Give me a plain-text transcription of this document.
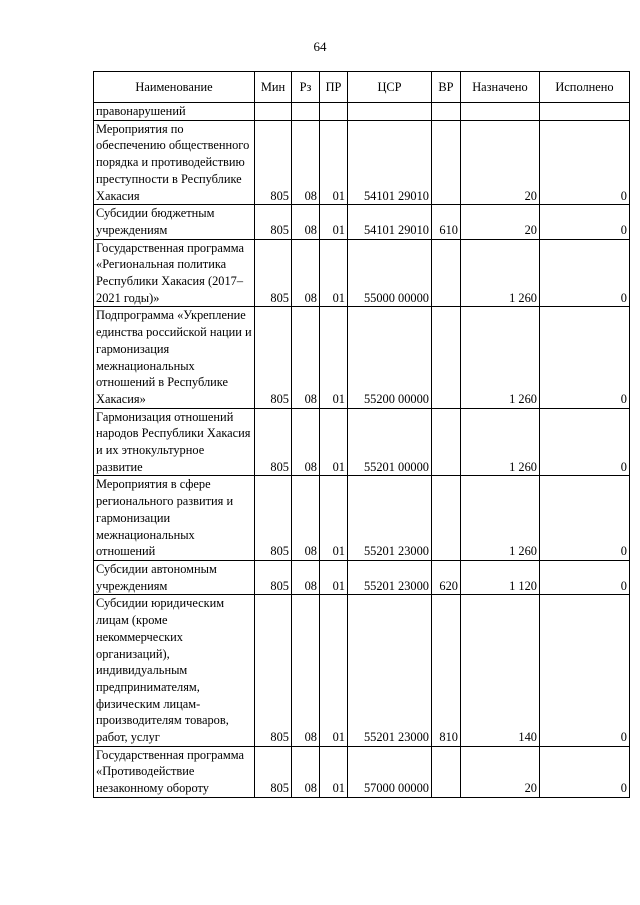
64
Наименование	Мин	Рз	ПР	ЦСР	ВР	Назначено	Исполнено
правонарушений							
Мероприятия по обеспечению общественного порядка и противодействию преступности в Республике Хакасия	805	08	01	54101 29010		20	0
Субсидии бюджетным учреждениям	805	08	01	54101 29010	610	20	0
Государственная программа «Региональная политика Республики Хакасия (2017–2021 годы)»	805	08	01	55000 00000		1 260	0
Подпрограмма «Укрепление единства российской нации и гармонизация межнациональных отношений в Республике Хакасия»	805	08	01	55200 00000		1 260	0
Гармонизация отношений народов Республики Хакасия и их этнокультурное развитие	805	08	01	55201 00000		1 260	0
Мероприятия в сфере регионального развития и гармонизации межнациональных отношений	805	08	01	55201 23000		1 260	0
Субсидии автономным учреждениям	805	08	01	55201 23000	620	1 120	0
Субсидии юридическим лицам (кроме некоммерческих организаций), индивидуальным предпринимателям, физическим лицам-производителям товаров, работ, услуг	805	08	01	55201 23000	810	140	0
Государственная программа «Противодействие незаконному обороту	805	08	01	57000 00000		20	0
